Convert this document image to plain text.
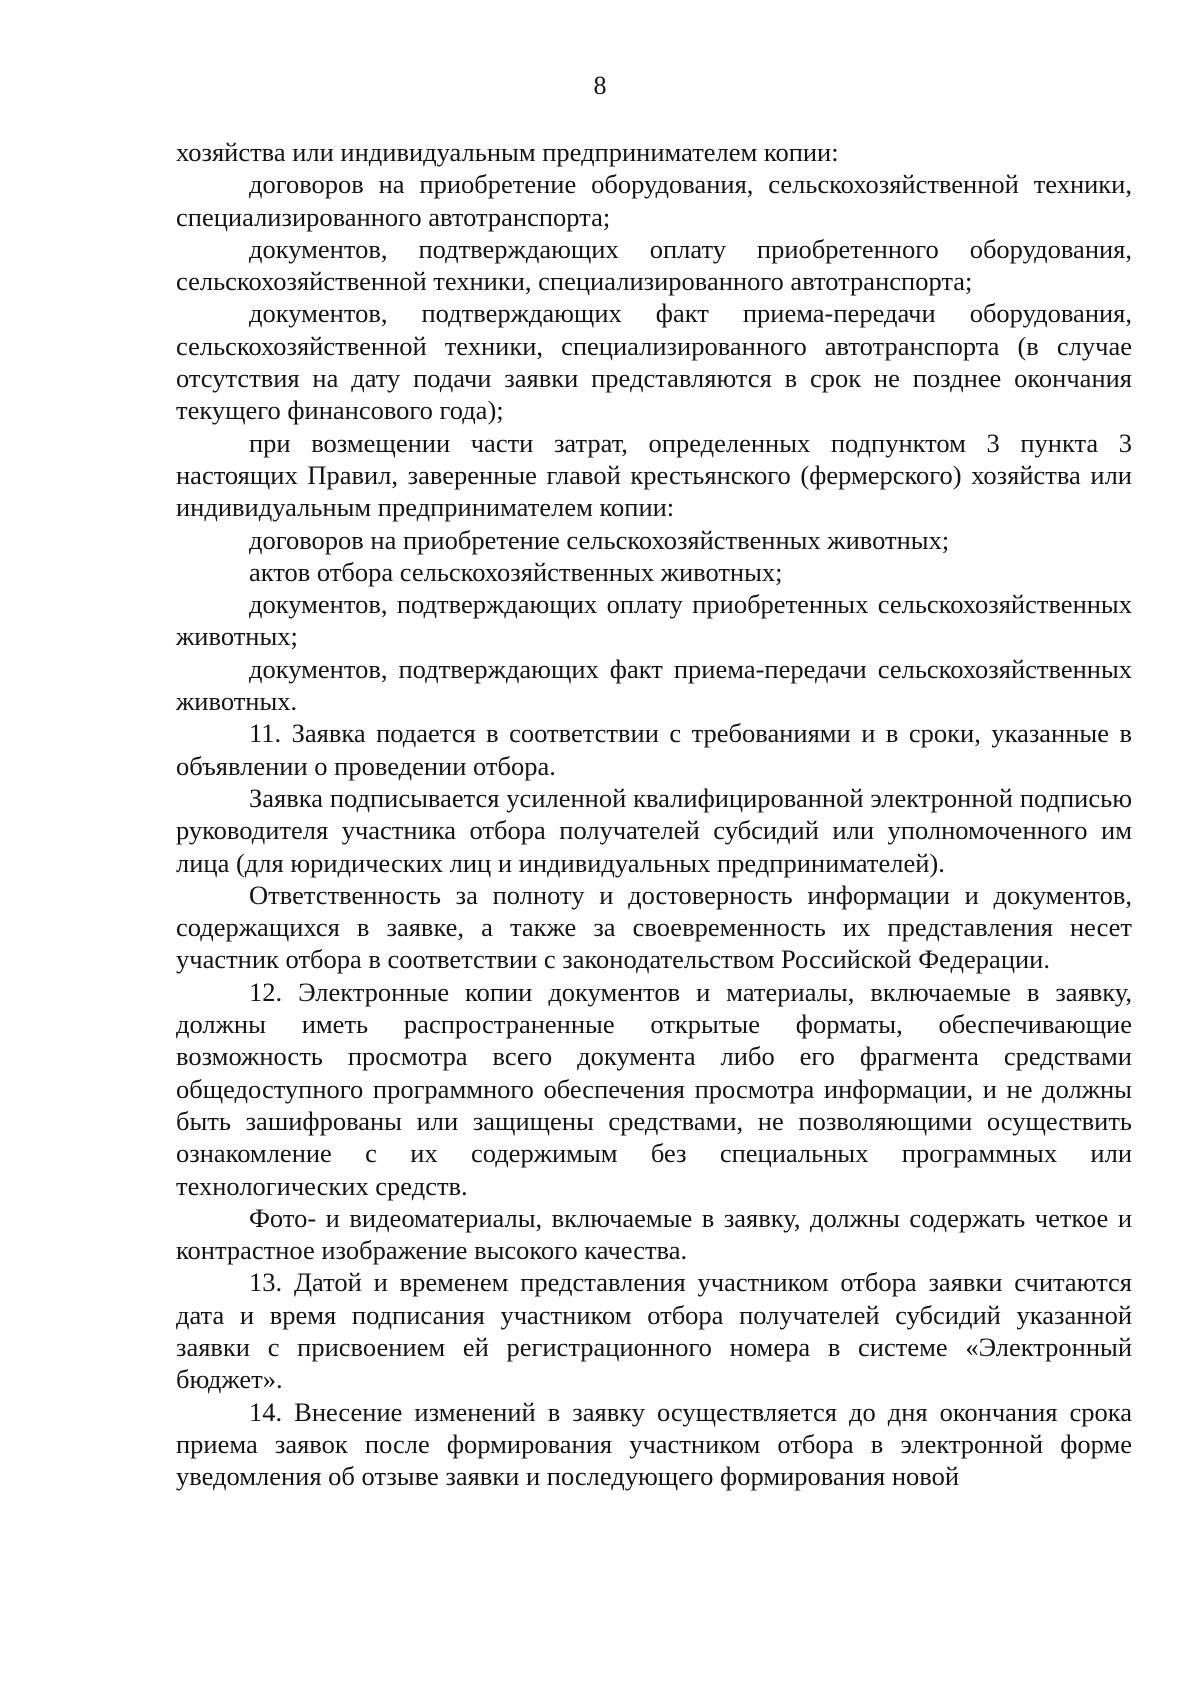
8

хозяйства или индивидуальным предпринимателем копии:

договоров на приобретение оборудования, сельскохозяйственной техники, специализированного автотранспорта;

документов, подтверждающих оплату приобретенного оборудования, сельскохозяйственной техники, специализированного автотранспорта;

документов, подтверждающих факт приема-передачи оборудования, сельскохозяйственной техники, специализированного автотранспорта (в случае отсутствия на дату подачи заявки представляются в срок не позднее окончания текущего финансового года);

при возмещении части затрат, определенных подпунктом 3 пункта 3 настоящих Правил, заверенные главой крестьянского (фермерского) хозяйства или индивидуальным предпринимателем копии:

договоров на приобретение сельскохозяйственных животных;

актов отбора сельскохозяйственных животных;

документов, подтверждающих оплату приобретенных сельскохозяйственных животных;

документов, подтверждающих факт приема-передачи сельскохозяйственных животных.

11. Заявка подается в соответствии с требованиями и в сроки, указанные в объявлении о проведении отбора.

Заявка подписывается усиленной квалифицированной электронной подписью руководителя участника отбора получателей субсидий или уполномоченного им лица (для юридических лиц и индивидуальных предпринимателей).

Ответственность за полноту и достоверность информации и документов, содержащихся в заявке, а также за своевременность их представления несет участник отбора в соответствии с законодательством Российской Федерации.

12. Электронные копии документов и материалы, включаемые в заявку, должны иметь распространенные открытые форматы, обеспечивающие возможность просмотра всего документа либо его фрагмента средствами общедоступного программного обеспечения просмотра информации, и не должны быть зашифрованы или защищены средствами, не позволяющими осуществить ознакомление с их содержимым без специальных программных или технологических средств.

Фото- и видеоматериалы, включаемые в заявку, должны содержать четкое и контрастное изображение высокого качества.

13. Датой и временем представления участником отбора заявки считаются дата и время подписания участником отбора получателей субсидий указанной заявки с присвоением ей регистрационного номера в системе «Электронный бюджет».

14. Внесение изменений в заявку осуществляется до дня окончания срока приема заявок после формирования участником отбора в электронной форме уведомления об отзыве заявки и последующего формирования новой
